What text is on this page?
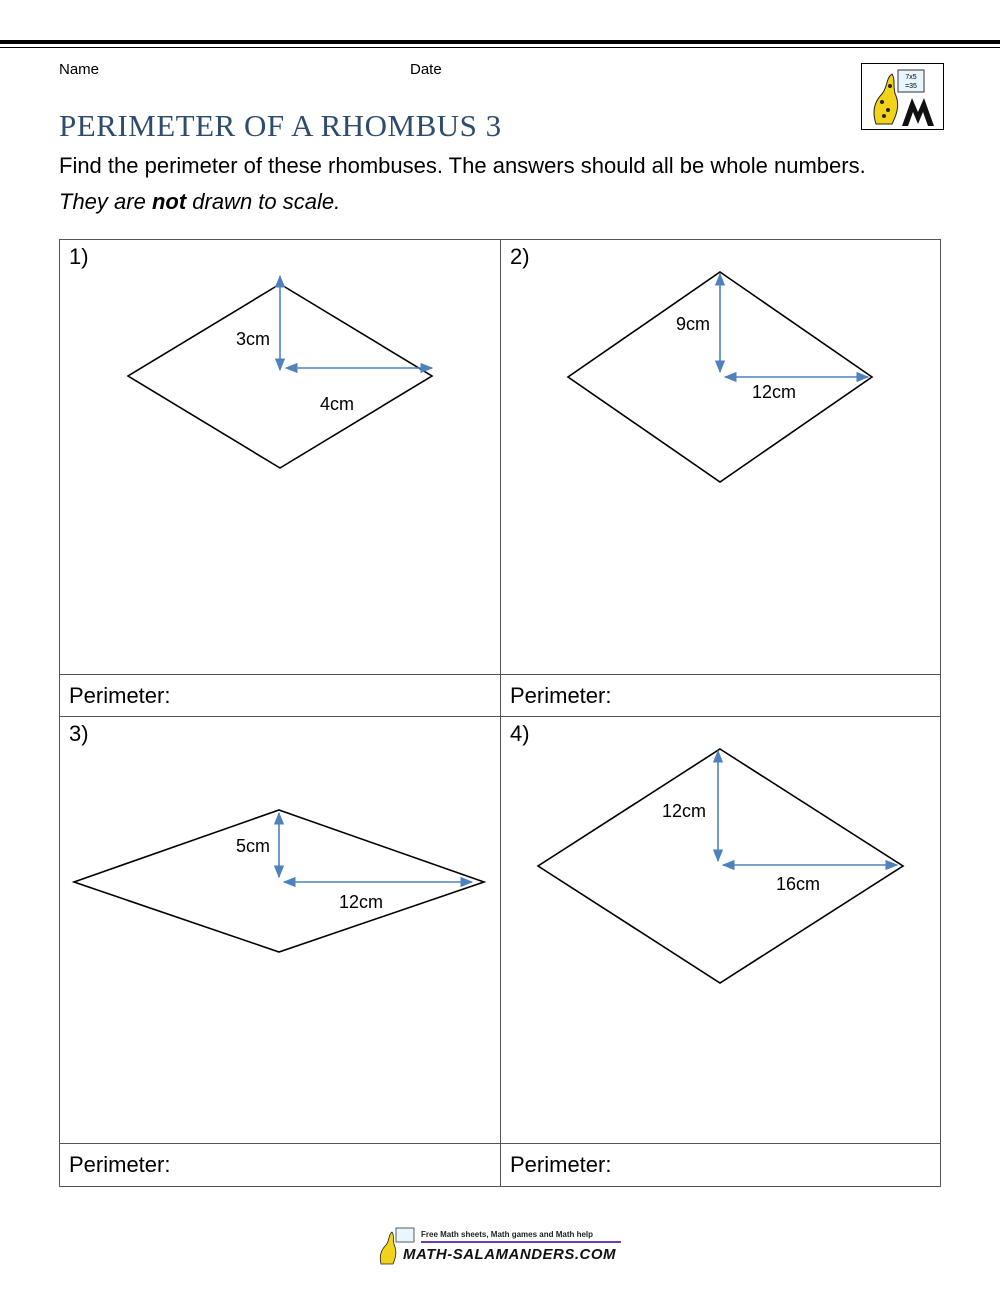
Name	Date	7x5
=35
PERIMETER OF A RHOMBUS 3
Find the perimeter of these rhombuses. The answers should all be whole numbers.
They are not drawn to scale.
1)
3cm
4cm
Perimeter:
2)
9cm
12cm
Perimeter:
3)
5cm
12cm
Perimeter:
4)
12cm
16cm
Perimeter:
Free Math sheets, Math games and Math help
MATH-SALAMANDERS.COM
